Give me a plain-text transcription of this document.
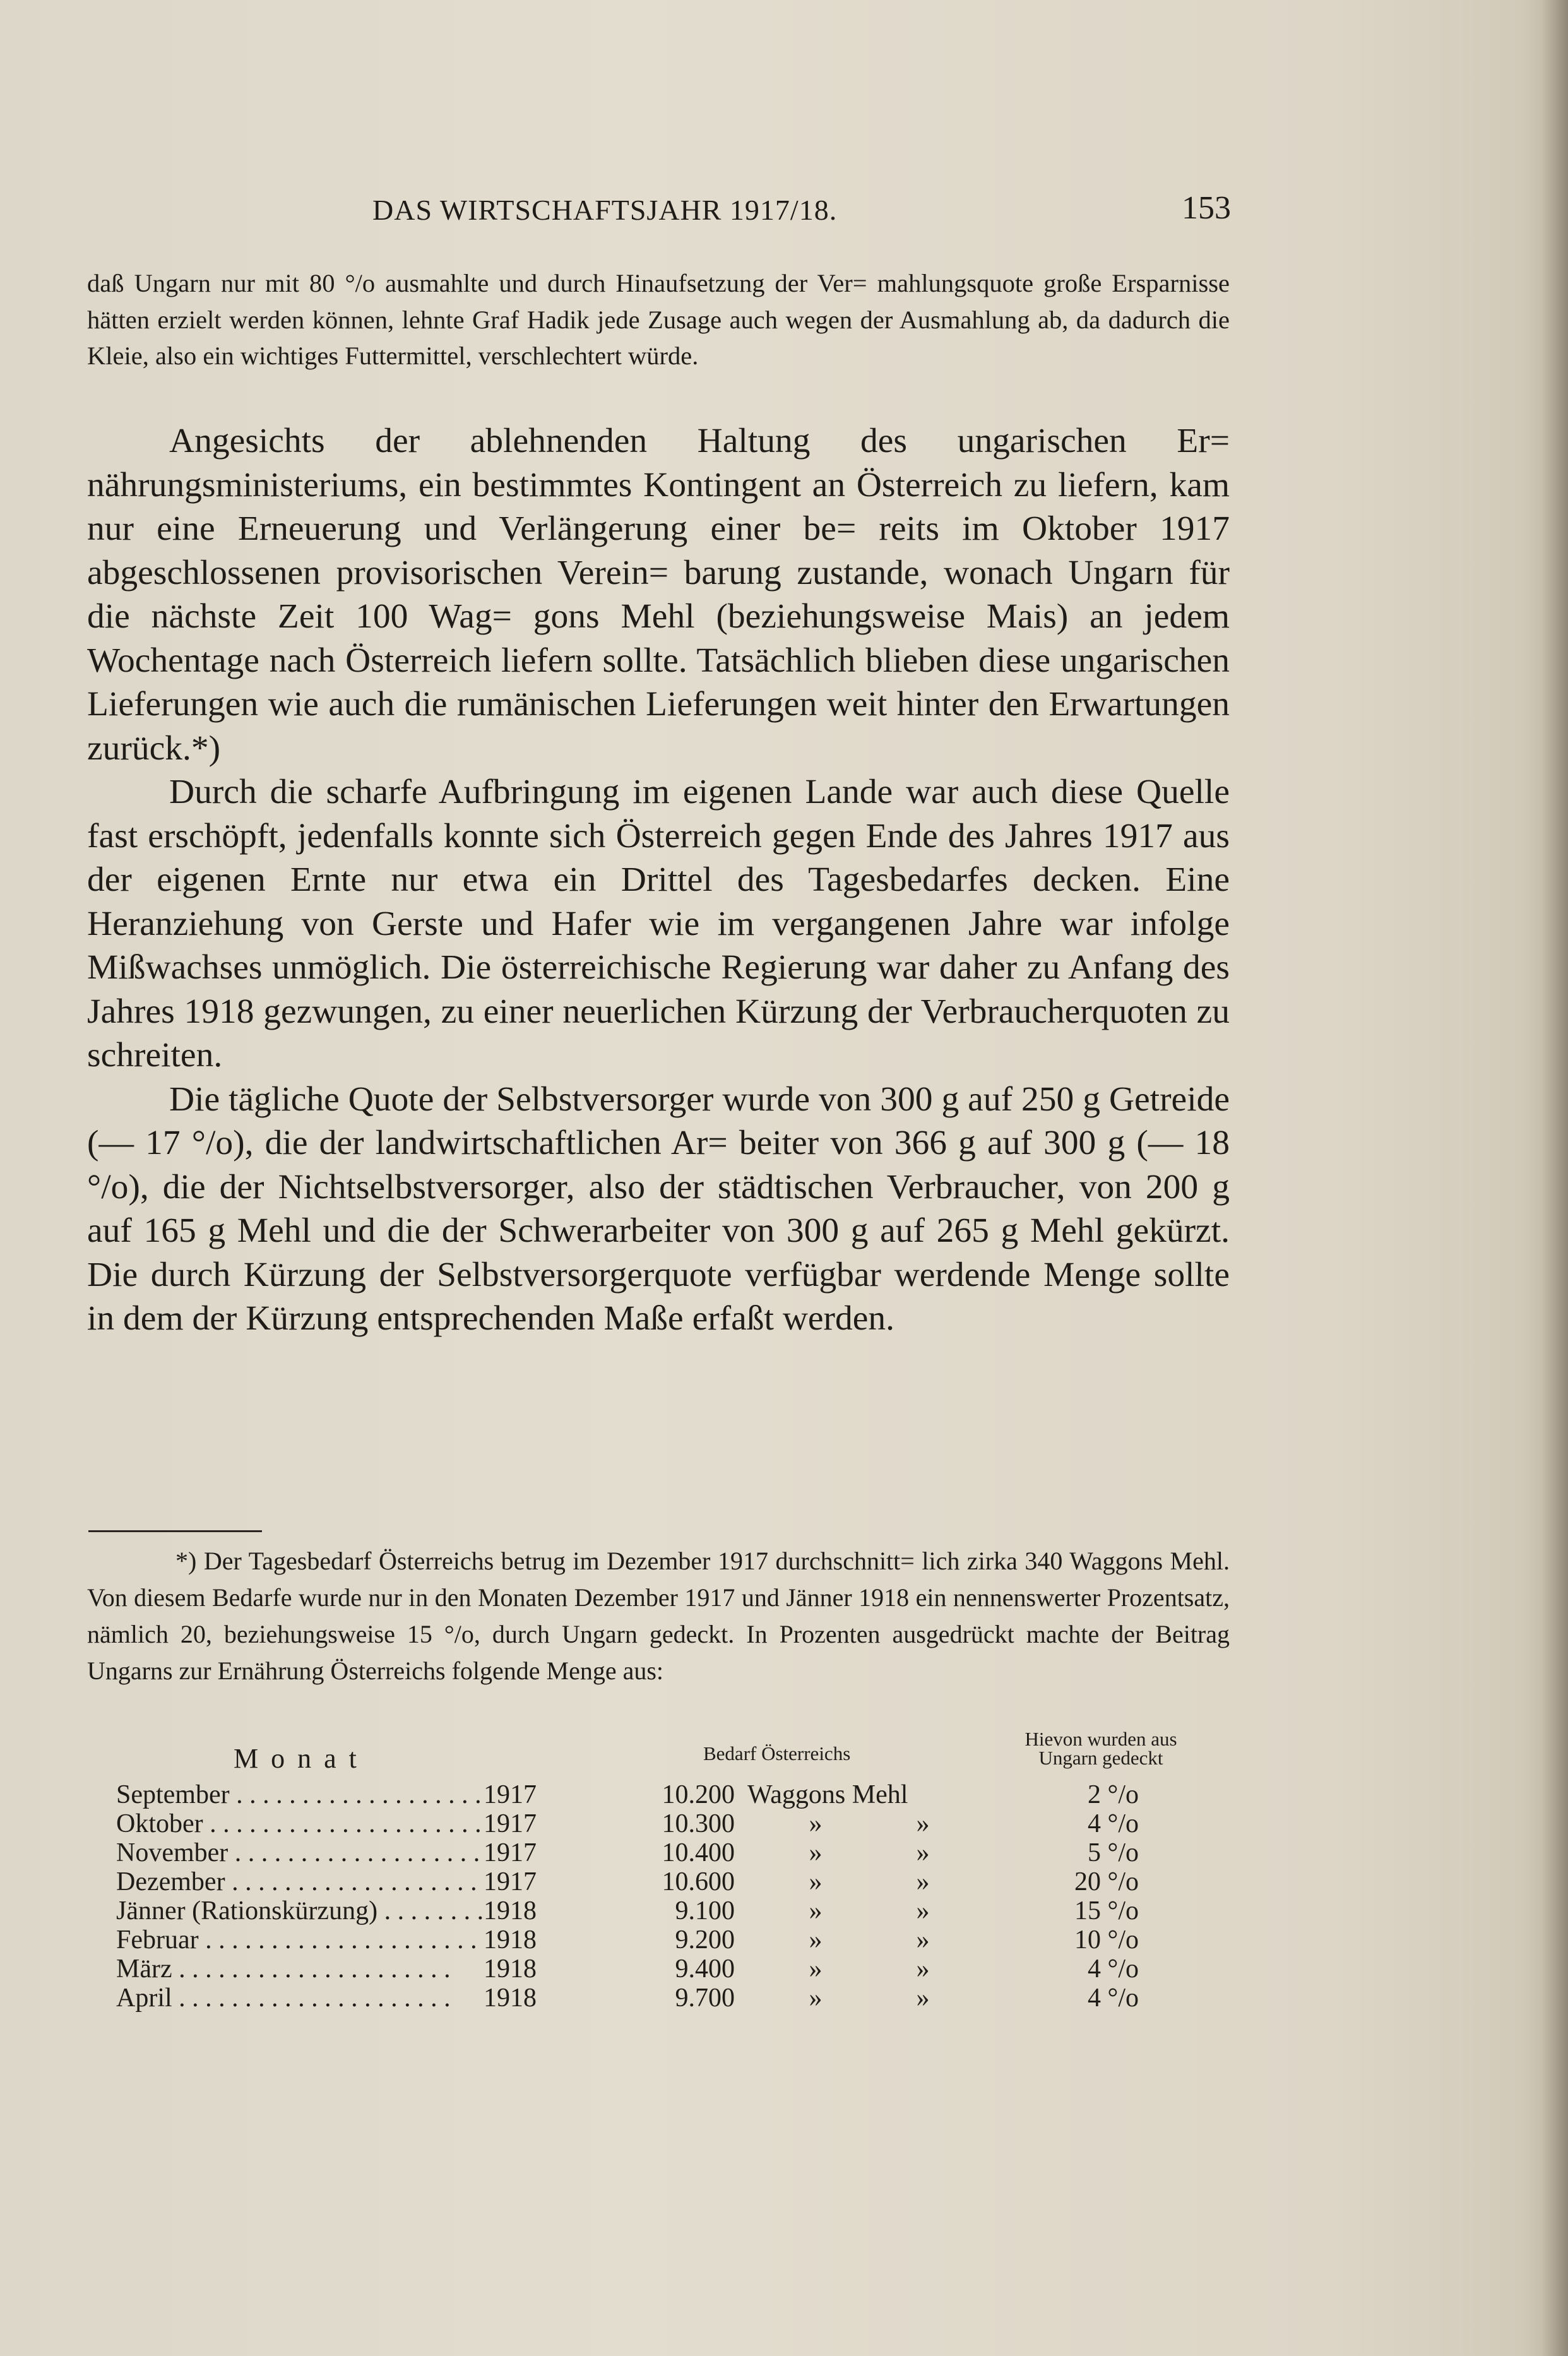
DAS WIRTSCHAFTSJAHR 1917/18.	153

daß Ungarn nur mit 80 °/o ausmahlte und durch Hinaufsetzung der Ver= mahlungsquote große Ersparnisse hätten erzielt werden können, lehnte Graf Hadik jede Zusage auch wegen der Ausmahlung ab, da dadurch die Kleie, also ein wichtiges Futtermittel, verschlechtert würde.

Angesichts der ablehnenden Haltung des ungarischen Er= nährungsministeriums, ein bestimmtes Kontingent an Österreich zu liefern, kam nur eine Erneuerung und Verlängerung einer be= reits im Oktober 1917 abgeschlossenen provisorischen Verein= barung zustande, wonach Ungarn für die nächste Zeit 100 Wag= gons Mehl (beziehungsweise Mais) an jedem Wochentage nach Österreich liefern sollte. Tatsächlich blieben diese ungarischen Lieferungen wie auch die rumänischen Lieferungen weit hinter den Erwartungen zurück.*)

Durch die scharfe Aufbringung im eigenen Lande war auch diese Quelle fast erschöpft, jedenfalls konnte sich Österreich gegen Ende des Jahres 1917 aus der eigenen Ernte nur etwa ein Drittel des Tagesbedarfes decken. Eine Heranziehung von Gerste und Hafer wie im vergangenen Jahre war infolge Mißwachses unmöglich. Die österreichische Regierung war daher zu Anfang des Jahres 1918 gezwungen, zu einer neuerlichen Kürzung der Verbraucherquoten zu schreiten.

Die tägliche Quote der Selbstversorger wurde von 300 g auf 250 g Getreide (— 17 °/o), die der landwirtschaftlichen Ar= beiter von 366 g auf 300 g (— 18 °/o), die der Nichtselbstversorger, also der städtischen Verbraucher, von 200 g auf 165 g Mehl und die der Schwerarbeiter von 300 g auf 265 g Mehl gekürzt. Die durch Kürzung der Selbstversorgerquote verfügbar werdende Menge sollte in dem der Kürzung entsprechenden Maße erfaßt werden.

*) Der Tagesbedarf Österreichs betrug im Dezember 1917 durchschnitt= lich zirka 340 Waggons Mehl. Von diesem Bedarfe wurde nur in den Monaten Dezember 1917 und Jänner 1918 ein nennenswerter Prozentsatz, nämlich 20, beziehungsweise 15 °/o, durch Ungarn gedeckt. In Prozenten ausgedrückt machte der Beitrag Ungarns zur Ernährung Österreichs folgende Menge aus:

Monat	Bedarf Österreichs
Hievon wurden aus Ungarn gedeckt
September . . .	1917	10.200 Waggons Mehl	2 °/o
Oktober . . .	1917	10.300	»	»	4 °/o
November . . .	1917	10.400	»	»	5 °/o
Dezember . . .	1917	10.600	»	»	20 °/o
Jänner (Rationskürzung) . . .	1918	9.100	»	»	15 °/o
Februar . . .	1918	9.200	»	»	10 °/o
März . . .	1918	9.400	»	»	4 °/o
April . . .	1918	9.700	»	»	4 °/o
